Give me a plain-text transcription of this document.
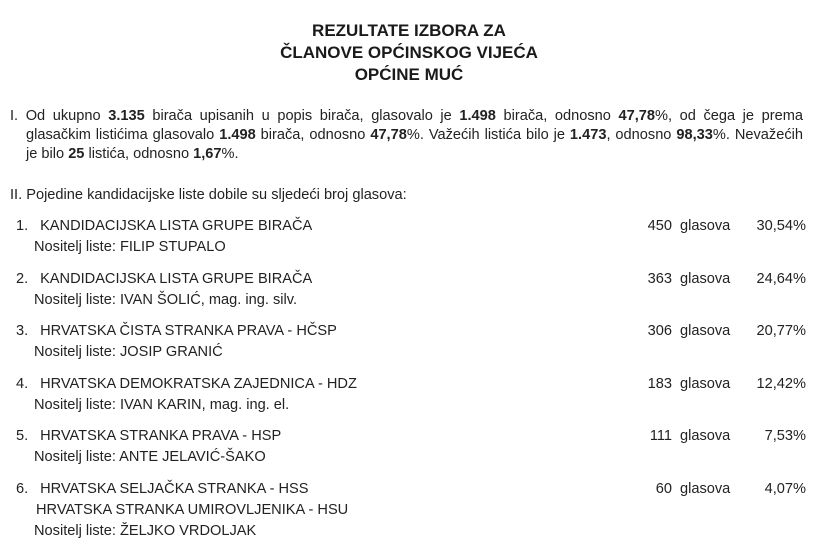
REZULTATE IZBORA ZA
ČLANOVE OPĆINSKOG VIJEĆA
OPĆINE MUĆ

I. Od ukupno 3.135 birača upisanih u popis birača, glasovalo je 1.498 birača, odnosno 47,78%, od čega je prema glasačkim listićima glasovalo 1.498 birača, odnosno 47,78%. Važećih listića bilo je 1.473, odnosno 98,33%. Nevažećih je bilo 25 listića, odnosno 1,67%.

II. Pojedine kandidacijske liste dobile su sljedeći broj glasova:
1. KANDIDACIJSKA LISTA GRUPE BIRAČA	450 glasova 30,54%
Nositelj liste: FILIP STUPALO
2. KANDIDACIJSKA LISTA GRUPE BIRAČA	363 glasova 24,64%
Nositelj liste: IVAN ŠOLIĆ, mag. ing. silv.
3. HRVATSKA ČISTA STRANKA PRAVA - HČSP	306 glasova 20,77%
Nositelj liste: JOSIP GRANIĆ
4. HRVATSKA DEMOKRATSKA ZAJEDNICA - HDZ	183 glasova 12,42%
Nositelj liste: IVAN KARIN, mag. ing. el.
5. HRVATSKA STRANKA PRAVA - HSP	111 glasova 7,53%
Nositelj liste: ANTE JELAVIĆ-ŠAKO
6. HRVATSKA SELJAČKA STRANKA - HSS	60 glasova 4,07%
HRVATSKA STRANKA UMIROVLJENIKA - HSU
Nositelj liste: ŽELJKO VRDOLJAK
